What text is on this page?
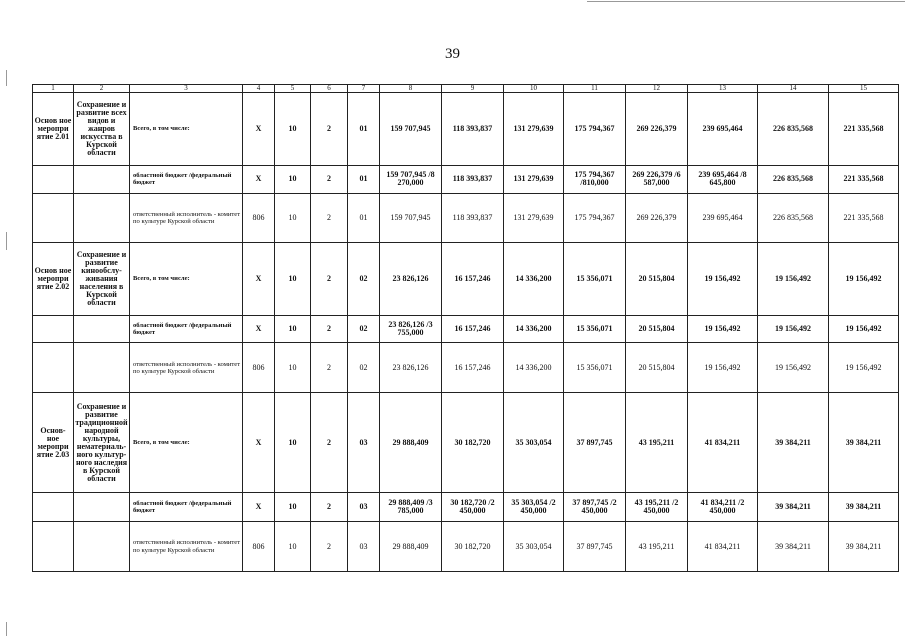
39
1	2	3	4	5	6	7	8	9	10	11	12	13	14	15
Основ ное меропри ятие 2.01	Сохранение и развитие всех видов и жанров искусства в Курской области	Всего, в том числе:	X	10	2	01	159 707,945	118 393,837	131 279,639	175 794,367	269 226,379	239 695,464	226 835,568	221 335,568
		областной бюджет /федеральный бюджет	X	10	2	01	159 707,945 /8 270,000	118 393,837	131 279,639	175 794,367 /810,000	269 226,379 /6 587,000	239 695,464 /8 645,800	226 835,568	221 335,568
		ответственный исполнитель - комитет по культуре Курской области	806	10	2	01	159 707,945	118 393,837	131 279,639	175 794,367	269 226,379	239 695,464	226 835,568	221 335,568
Основ ное меропри ятие 2.02	Сохранение и развитие кинообслу- живания населения в Курской области	Всего, в том числе:	X	10	2	02	23 826,126	16 157,246	14 336,200	15 356,071	20 515,804	19 156,492	19 156,492	19 156,492
		областной бюджет /федеральный бюджет	X	10	2	02	23 826,126 /3 755,000	16 157,246	14 336,200	15 356,071	20 515,804	19 156,492	19 156,492	19 156,492
		ответственный исполнитель - комитет по культуре Курской области	806	10	2	02	23 826,126	16 157,246	14 336,200	15 356,071	20 515,804	19 156,492	19 156,492	19 156,492
Основ- ное меропри ятие 2.03	Сохранение и развитие традиционной народной культуры, нематериаль- ного культур- ного наследия в Курской области	Всего, в том числе:	X	10	2	03	29 888,409	30 182,720	35 303,054	37 897,745	43 195,211	41 834,211	39 384,211	39 384,211
		областной бюджет /федеральный бюджет	X	10	2	03	29 888,409 /3 785,000	30 182,720 /2 450,000	35 303,054 /2 450,000	37 897,745 /2 450,000	43 195,211 /2 450,000	41 834,211 /2 450,000	39 384,211	39 384,211
		ответственный исполнитель - комитет по культуре Курской области	806	10	2	03	29 888,409	30 182,720	35 303,054	37 897,745	43 195,211	41 834,211	39 384,211	39 384,211
